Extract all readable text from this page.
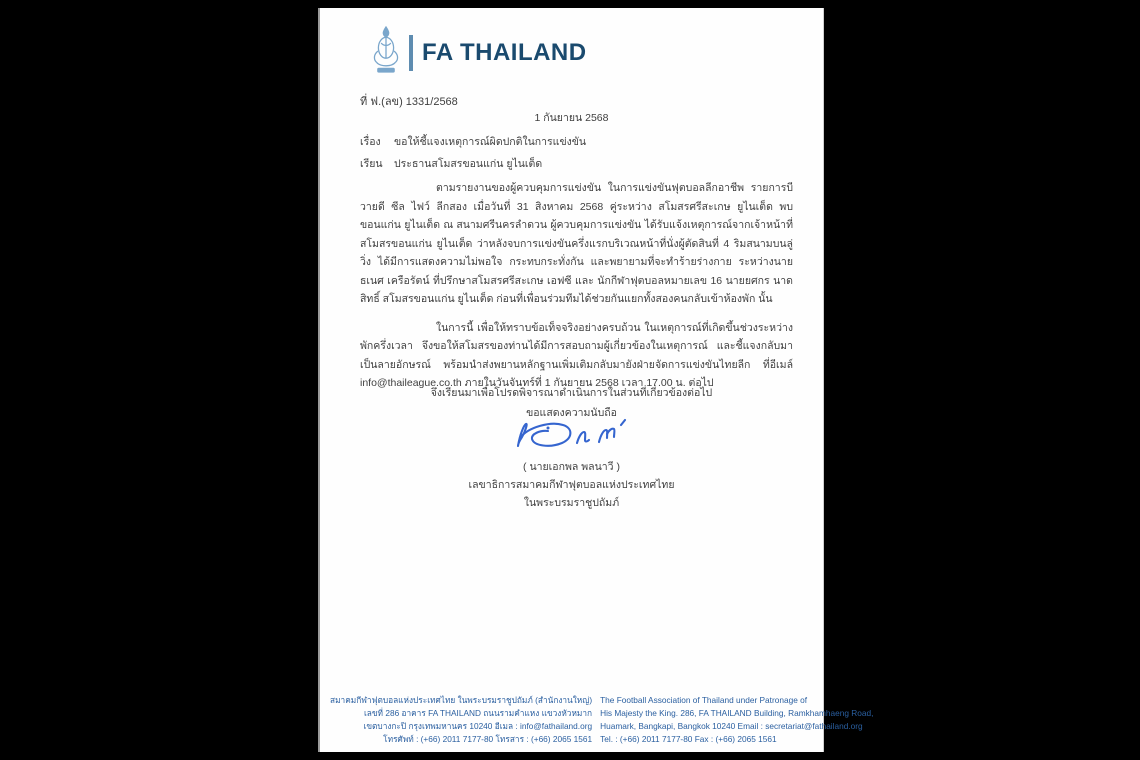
FA THAILAND
ที่ ฟ.(ลข) 1331/2568
1 กันยายน 2568
เรื่อง	ขอให้ชี้แจงเหตุการณ์ผิดปกติในการแข่งขัน
เรียน	ประธานสโมสรขอนแก่น ยูไนเต็ด

ตามรายงานของผู้ควบคุมการแข่งขัน ในการแข่งขันฟุตบอลลีกอาชีพ รายการบีวายดี ซีล ไฟว์ ลีกสอง เมื่อวันที่ 31 สิงหาคม 2568 คู่ระหว่าง สโมสรศรีสะเกษ ยูไนเต็ด พบ ขอนแก่น ยูไนเต็ด ณ สนามศรีนครลำดวน ผู้ควบคุมการแข่งขัน ได้รับแจ้งเหตุการณ์จากเจ้าหน้าที่สโมสรขอนแก่น ยูไนเต็ด ว่าหลังจบการแข่งขันครึ่งแรกบริเวณหน้าที่นั่งผู้ตัดสินที่ 4 ริมสนามบนลู่วิ่ง ได้มีการแสดงความไม่พอใจ กระทบกระทั่งกัน และพยายามที่จะทำร้ายร่างกาย ระหว่างนายธเนศ เครือรัตน์ ที่ปรึกษาสโมสรศรีสะเกษ เอฟซี และ นักกีฬาฟุตบอลหมายเลข 16 นายยศกร นาดสิทธิ์ สโมสรขอนแก่น ยูไนเต็ด ก่อนที่เพื่อนร่วมทีมได้ช่วยกันแยกทั้งสองคนกลับเข้าห้องพัก นั้น

ในการนี้ เพื่อให้ทราบข้อเท็จจริงอย่างครบถ้วน ในเหตุการณ์ที่เกิดขึ้นช่วงระหว่างพักครึ่งเวลา จึงขอให้สโมสรของท่านได้มีการสอบถามผู้เกี่ยวข้องในเหตุการณ์ และชี้แจงกลับมาเป็นลายอักษรณ์ พร้อมนำส่งพยานหลักฐานเพิ่มเติมกลับมายังฝ่ายจัดการแข่งขันไทยลีก ที่อีเมล์ info@thaileague.co.th ภายในวันจันทร์ที่ 1 กันยายน 2568 เวลา 17.00 น. ต่อไป

จึงเรียนมาเพื่อโปรดพิจารณาดำเนินการในส่วนที่เกี่ยวข้องต่อไป
ขอแสดงความนับถือ
( นายเอกพล พลนาวี )
เลขาธิการสมาคมกีฬาฟุตบอลแห่งประเทศไทย
ในพระบรมราชูปถัมภ์
สมาคมกีฬาฟุตบอลแห่งประเทศไทย ในพระบรมราชูปถัมภ์ (สำนักงานใหญ่)
เลขที่ 286 อาคาร FA THAILAND ถนนรามคำแหง แขวงหัวหมาก
เขตบางกะปิ กรุงเทพมหานคร 10240 อีเมล : info@fathailand.org
โทรศัพท์ : (+66) 2011 7177-80 โทรสาร : (+66) 2065 1561
The Football Association of Thailand under Patronage of
His Majesty the King. 286, FA THAILAND Building, Ramkhamhaeng Road,
Huamark, Bangkapi, Bangkok 10240 Email : secretariat@fathailand.org
Tel. : (+66) 2011 7177-80 Fax : (+66) 2065 1561
